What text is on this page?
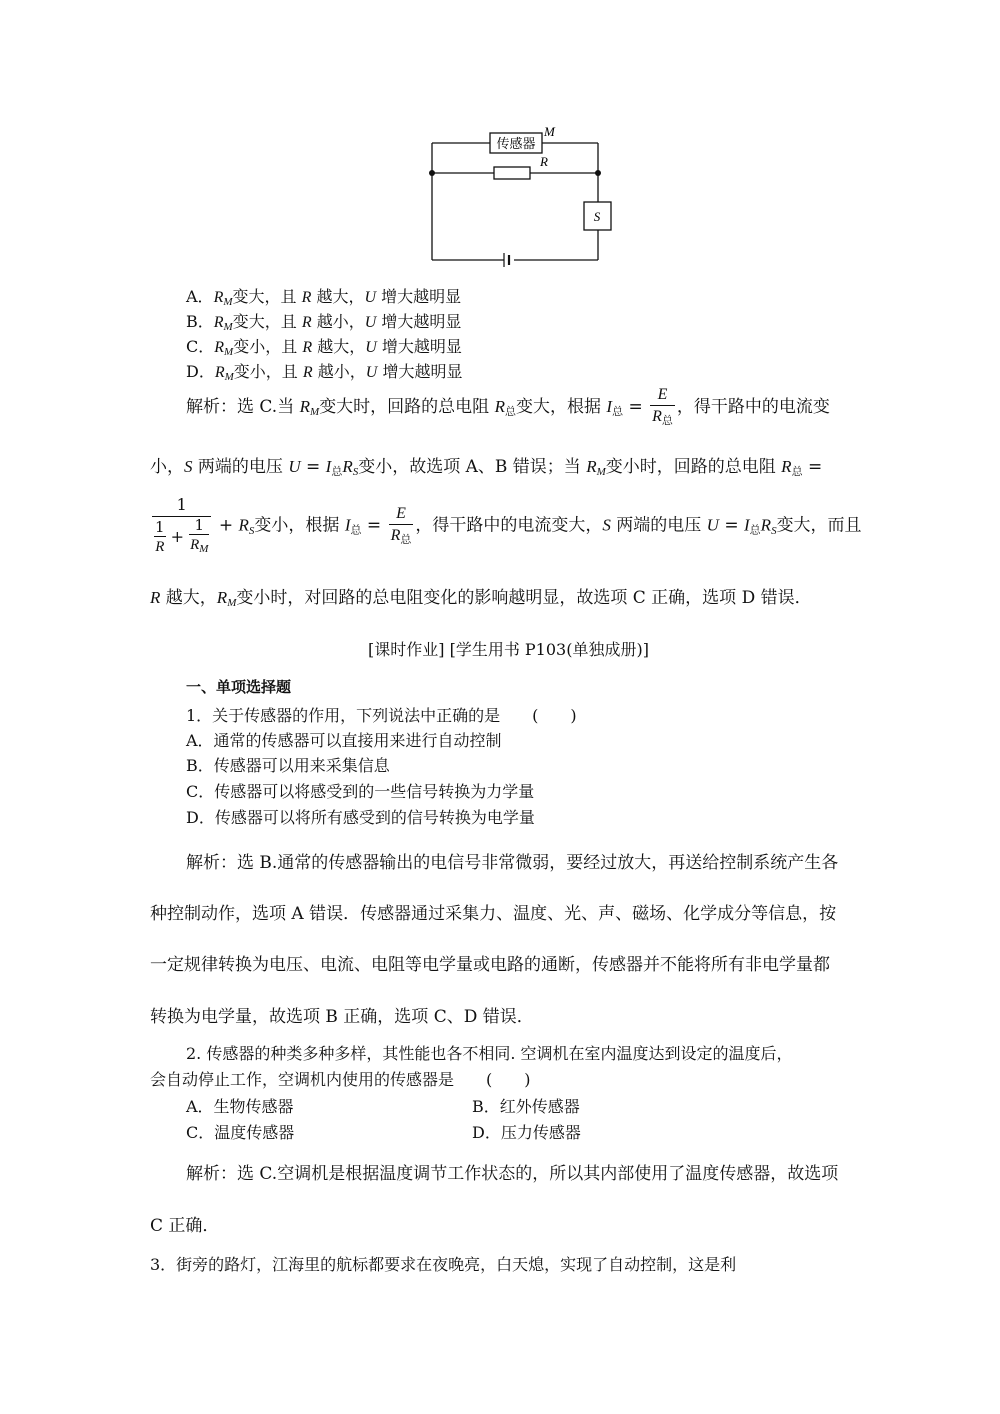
传感器
M
R
S
A．$R_M$变大，且 R 越大，U 增大越明显
B．$R_M$变大，且 R 越小，U 增大越明显
C．$R_M$变小，且 R 越大，U 增大越明显
D．$R_M$变小，且 R 越小，U 增大越明显
解析：选 C.当 $R_M$变大时，回路的总电阻 $R_总$变大，根据 $I_总 = \frac{E}{R_总}$ ，得干路中的电流变
小，S 两端的电压 $U = I_总R_S$变小，故选项 A、B 错误；当 $R_M$变小时，回路的总电阻 $R_总$ =
$\frac{1}{\frac{1}{R} + \frac{1}{R_M}} + R_S$变小，根据 $I_总 = \frac{E}{R_总}$ ，得干路中的电流变大，S 两端的电压 $U = I_总R_S$变大，而且
R 越大，$R_M$变小时，对回路的总电阻变化的影响越明显，故选项 C 正确，选项 D 错误．
[课时作业] [学生用书 P103(单独成册)]
一、单项选择题
1．关于传感器的作用，下列说法中正确的是　　(　　)
A．通常的传感器可以直接用来进行自动控制
B．传感器可以用来采集信息
C．传感器可以将感受到的一些信号转换为力学量
D．传感器可以将所有感受到的信号转换为电学量
解析：选 B.通常的传感器输出的电信号非常微弱，要经过放大，再送给控制系统产生各
种控制动作，选项 A 错误．传感器通过采集力、温度、光、声、磁场、化学成分等信息，按
一定规律转换为电压、电流、电阻等电学量或电路的通断，传感器并不能将所有非电学量都
转换为电学量，故选项 B 正确，选项 C、D 错误．
2. 传感器的种类多种多样，其性能也各不相同. 空调机在室内温度达到设定的温度后，
会自动停止工作，空调机内使用的传感器是　　(　　)
A．生物传感器	B．红外传感器
C．温度传感器	D．压力传感器
解析：选 C.空调机是根据温度调节工作状态的，所以其内部使用了温度传感器，故选项
C 正确．
3．街旁的路灯，江海里的航标都要求在夜晚亮，白天熄，实现了自动控制，这是利
